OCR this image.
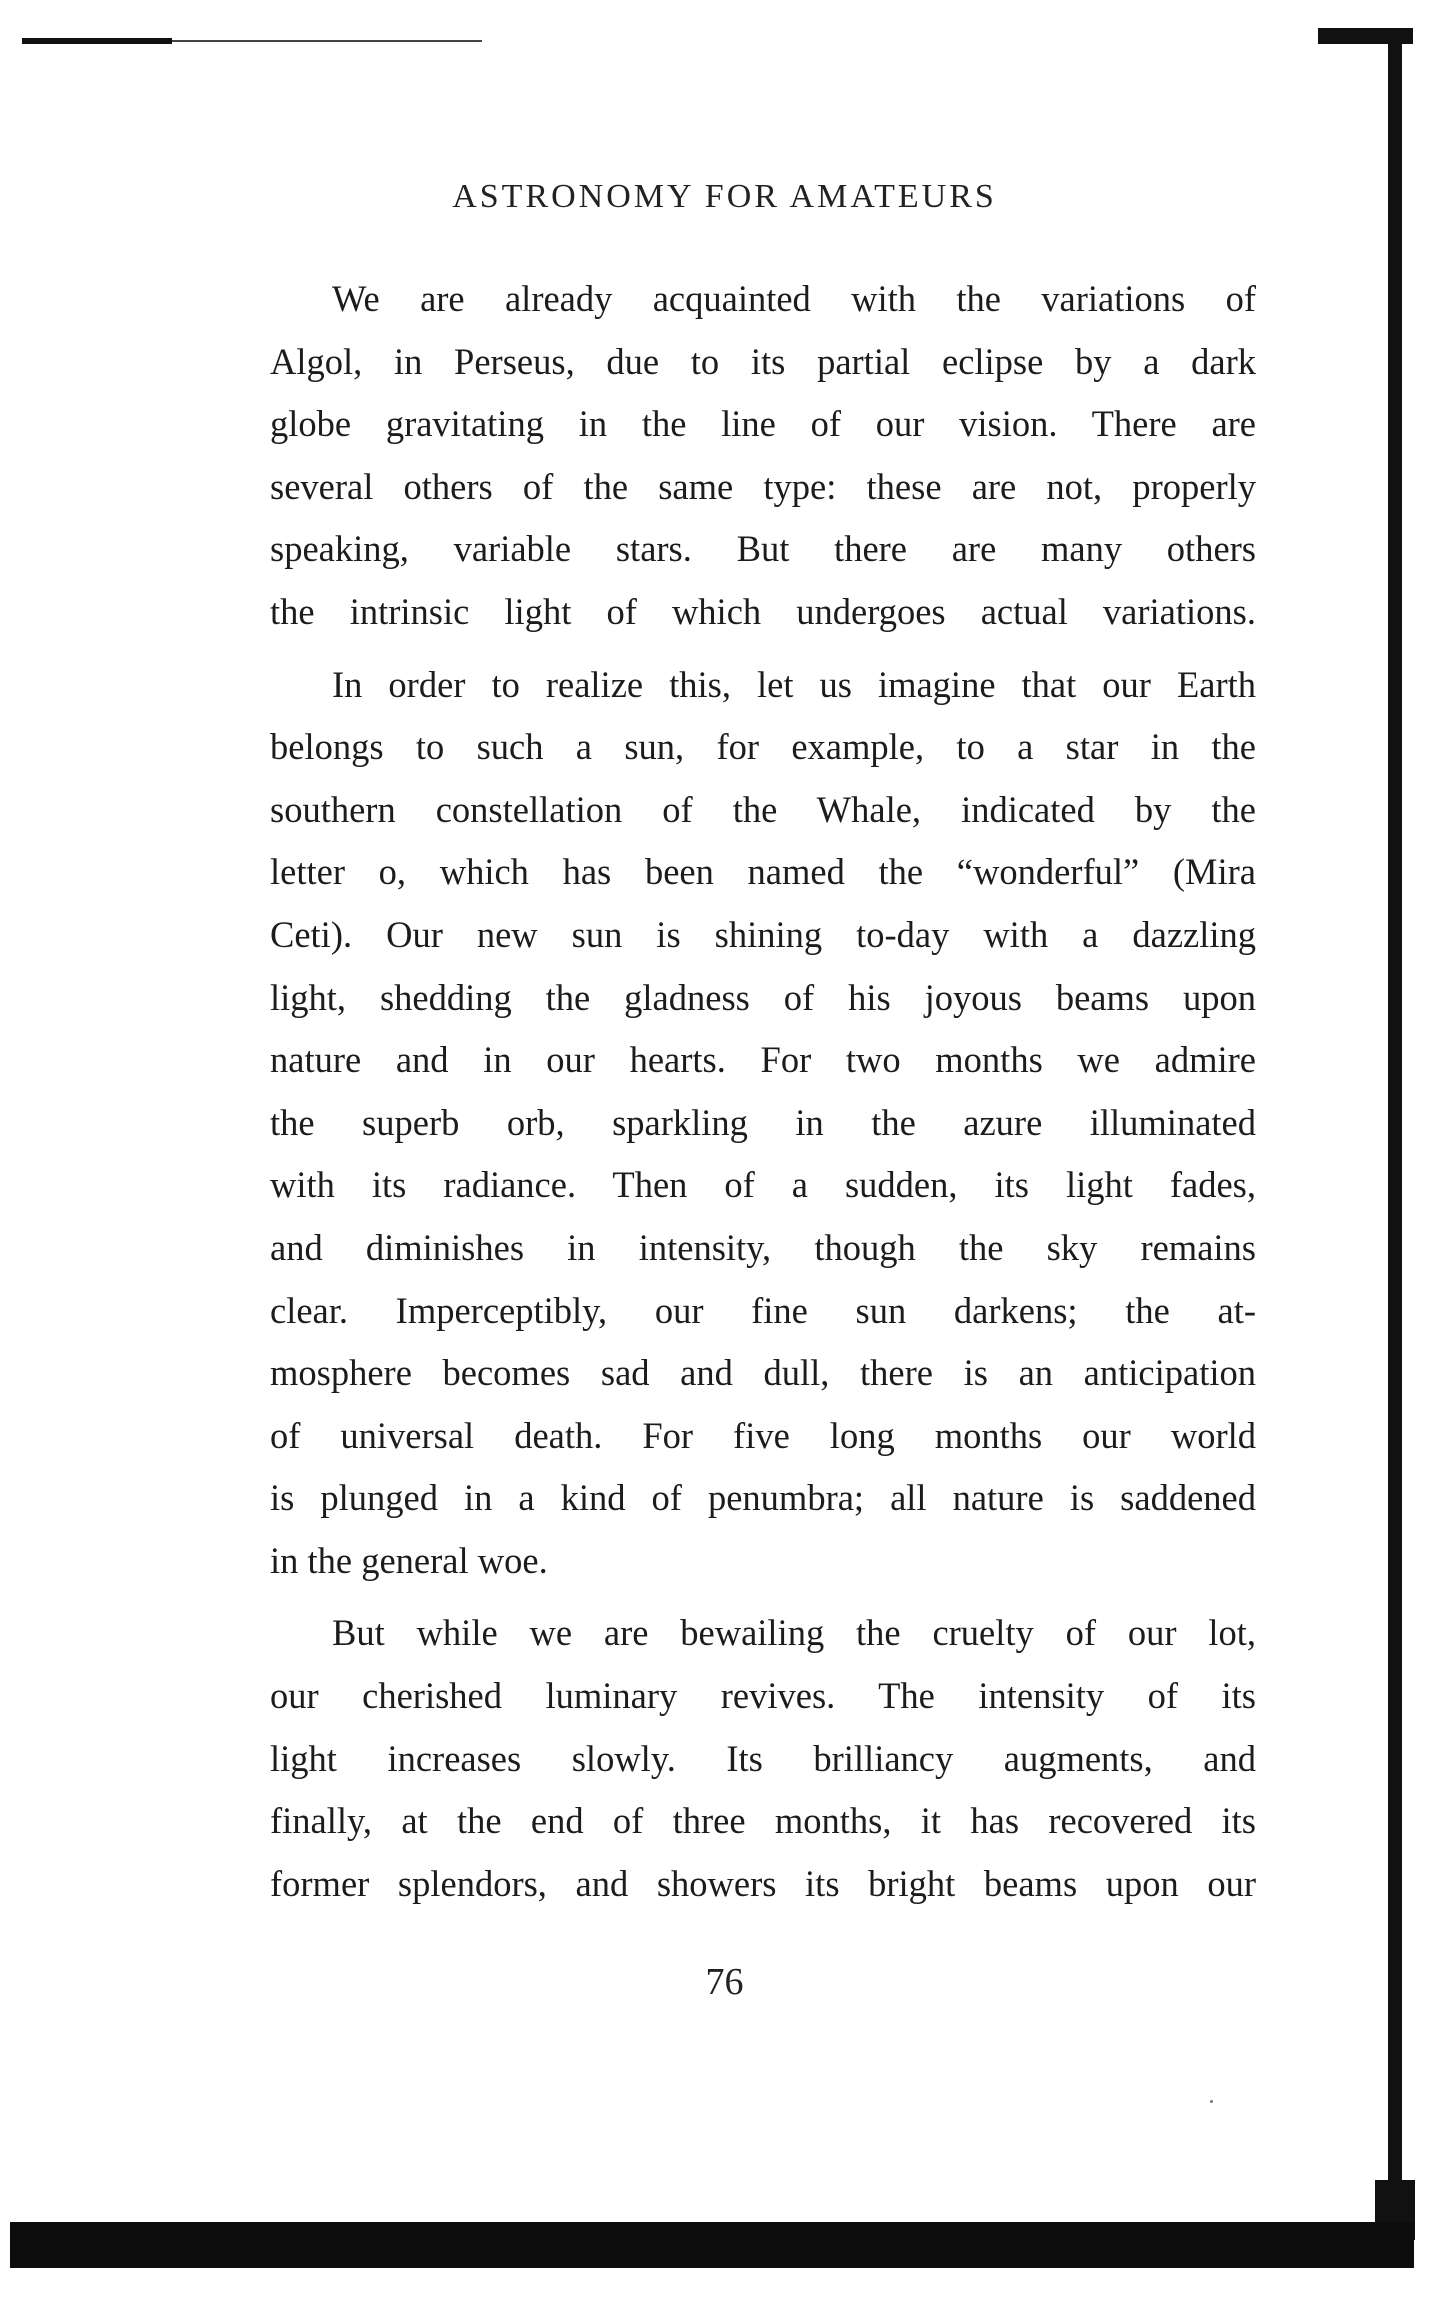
ASTRONOMY FOR AMATEURS
We are already acquainted with the variations of
Algol, in Perseus, due to its partial eclipse by a dark
globe gravitating in the line of our vision. There are
several others of the same type: these are not, properly
speaking, variable stars. But there are many others
the intrinsic light of which undergoes actual variations.
In order to realize this, let us imagine that our Earth
belongs to such a sun, for example, to a star in the
southern constellation of the Whale, indicated by the
letter o, which has been named the “wonderful” (Mira
Ceti). Our new sun is shining to-day with a dazzling
light, shedding the gladness of his joyous beams upon
nature and in our hearts. For two months we admire
the superb orb, sparkling in the azure illuminated
with its radiance. Then of a sudden, its light fades,
and diminishes in intensity, though the sky remains
clear. Imperceptibly, our fine sun darkens; the at-
mosphere becomes sad and dull, there is an anticipation
of universal death. For five long months our world
is plunged in a kind of penumbra; all nature is saddened
in the general woe.
But while we are bewailing the cruelty of our lot,
our cherished luminary revives. The intensity of its
light increases slowly. Its brilliancy augments, and
finally, at the end of three months, it has recovered its
former splendors, and showers its bright beams upon our
76
